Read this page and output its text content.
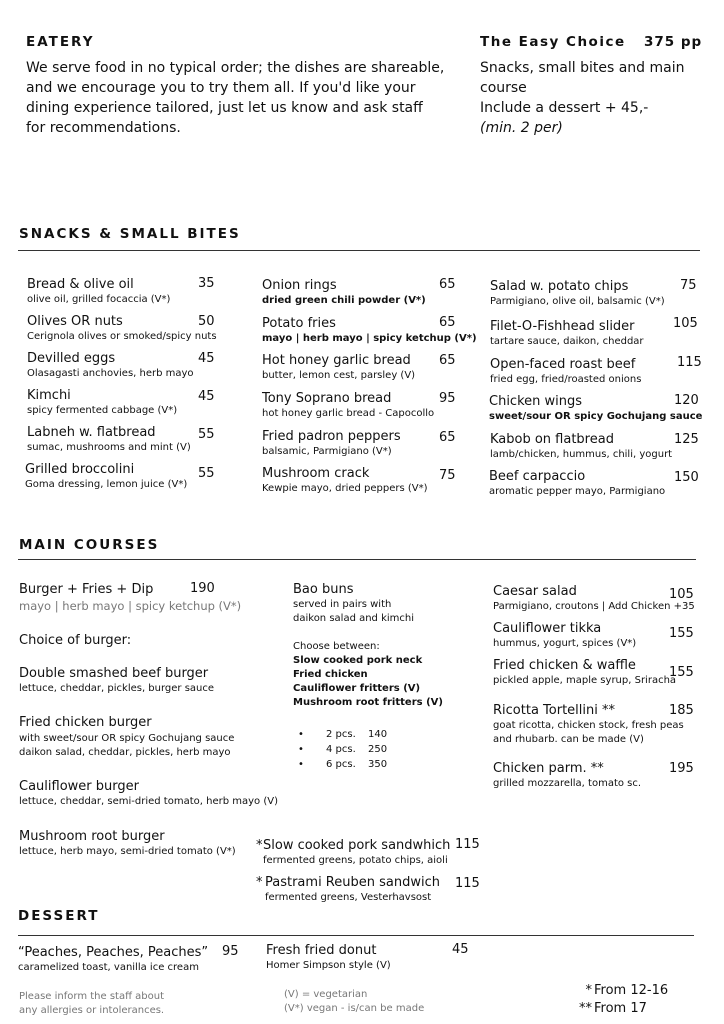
EATERY
We serve food in no typical order; the dishes are shareable, and we encourage you to try them all. If you'd like your dining experience tailored, just let us know and ask staff for recommendations.
The Easy Choice 375 pp
Snacks, small bites and main course
Include a dessert + 45,-
(min. 2 per)
SNACKS & SMALL BITES
Bread & olive oil
olive oil, grilled focaccia (V*)
35
Olives OR nuts
Cerignola olives or smoked/spicy nuts
50
Devilled eggs
Olasagasti anchovies, herb mayo
45
Kimchi
spicy fermented cabbage (V*)
45
Labneh w. flatbread
sumac, mushrooms and mint (V)
55
Grilled broccolini
Goma dressing, lemon juice (V*)
55
Onion rings
dried green chili powder (V*)
65
Potato fries
mayo | herb mayo | spicy ketchup (V*)
65
Hot honey garlic bread
butter, lemon cest, parsley (V)
65
Tony Soprano bread
hot honey garlic bread - Capocollo
95
Fried padron peppers
balsamic, Parmigiano (V*)
65
Mushroom crack
Kewpie mayo, dried peppers (V*)
75
Salad w. potato chips
Parmigiano, olive oil, balsamic (V*)
75
Filet-O-Fishhead slider
tartare sauce, daikon, cheddar
105
Open-faced roast beef
fried egg, fried/roasted onions
115
Chicken wings
sweet/sour OR spicy Gochujang sauce
120
Kabob on flatbread
lamb/chicken, hummus, chili, yogurt
125
Beef carpaccio
aromatic pepper mayo, Parmigiano
150
MAIN COURSES
Burger + Fries + Dip
mayo | herb mayo | spicy ketchup (V*)
190
Choice of burger:
Double smashed beef burger
lettuce, cheddar, pickles, burger sauce
Fried chicken burger
with sweet/sour OR spicy Gochujang sauce
daikon salad, cheddar, pickles, herb mayo
Cauliflower burger
lettuce, cheddar, semi-dried tomato, herb mayo (V)
Mushroom root burger
lettuce, herb mayo, semi-dried tomato (V*)
Bao buns
served in pairs with
daikon salad and kimchi
Choose between:
Slow cooked pork neck
Fried chicken
Cauliflower fritters (V)
Mushroom root fritters (V)
• 2 pcs. 140
• 4 pcs. 250
• 6 pcs. 350
* Slow cooked pork sandwhich
fermented greens, potato chips, aioli
115
* Pastrami Reuben sandwich
fermented greens, Vesterhavsost
115
Caesar salad
Parmigiano, croutons | Add Chicken +35
105
Cauliflower tikka
hummus, yogurt, spices (V*)
155
Fried chicken & waffle
pickled apple, maple syrup, Sriracha
155
Ricotta Tortellini **
goat ricotta, chicken stock, fresh peas
and rhubarb. can be made (V)
185
Chicken parm. **
grilled mozzarella, tomato sc.
195
DESSERT
“Peaches, Peaches, Peaches”
caramelized toast, vanilla ice cream
95 Fresh fried donut
Homer Simpson style (V)
45
Please inform the staff about
any allergies or intolerances.
(V) = vegetarian
(V*) vegan - is/can be made
* From 12-16
** From 17
